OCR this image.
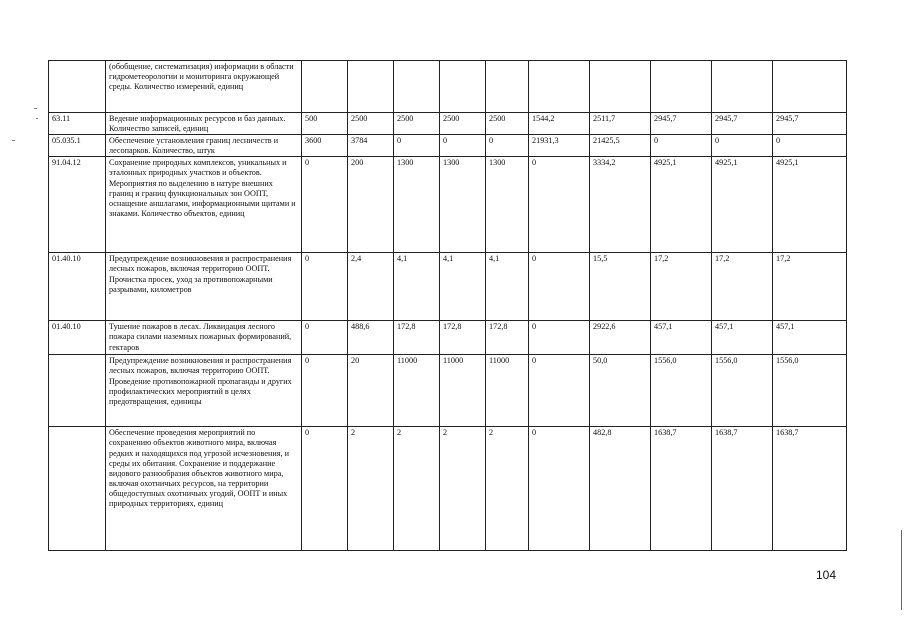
	(обобщение, систематизация) информации в области гидрометеорологии и мониторинга окружающей среды. Количество измерений, единиц										
63.11	Ведение информационных ресурсов и баз данных. Количество записей, единиц	500	2500	2500	2500	2500	1544,2	2511,7	2945,7	2945,7	2945,7
05.035.1	Обеспечение установления границ лесничеств и лесопарков. Количество, штук	3600	3784	0	0	0	21931,3	21425,5	0	0	0
91.04.12	Сохранение природных комплексов, уникальных и эталонных природных участков и объектов. Мероприятия по выделению в натуре внешних границ и границ функциональных зон ООПТ, оснащение аншлагами, информационными щитами и знаками. Количество объектов, единиц	0	200	1300	1300	1300	0	3334,2	4925,1	4925,1	4925,1
01.40.10	Предупреждение возникновения и распространения лесных пожаров, включая территорию ООПТ. Прочистка просек, уход за противопожарными разрывами, километров	0	2,4	4,1	4,1	4,1	0	15,5	17,2	17,2	17,2
01.40.10	Тушение пожаров в лесах. Ликвидация лесного пожара силами наземных пожарных формирований, гектаров	0	488,6	172,8	172,8	172,8	0	2922,6	457,1	457,1	457,1
	Предупреждение возникновения и распространения лесных пожаров, включая территорию ООПТ. Проведение противопожарной пропаганды и других профилактических мероприятий в целях предотвращения, единицы	0	20	11000	11000	11000	0	50,0	1556,0	1556,0	1556,0
	Обеспечение проведения мероприятий по сохранению объектов животного мира, включая редких и находящихся под угрозой исчезновения, и среды их обитания. Сохранение и поддержание видового разнообразия объектов животного мира, включая охотничьих ресурсов, на территории общедоступных охотничьих угодий, ООПТ и иных природных территориях, единиц	0	2	2	2	2	0	482,8	1638,7	1638,7	1638,7
104
